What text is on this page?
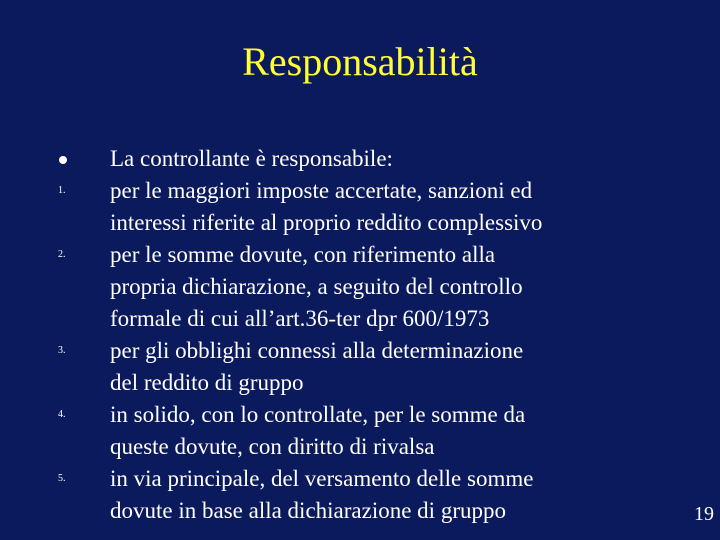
Responsabilità
La controllante è responsabile:
1.	per le maggiori imposte accertate, sanzioni ed
interessi riferite al proprio reddito complessivo
2.	per le somme dovute, con riferimento alla
propria dichiarazione, a seguito del controllo
formale di cui all’art.36-ter dpr 600/1973
3.	per gli obblighi connessi alla determinazione
del reddito di gruppo
4.	in solido, con lo controllate, per le somme da
queste dovute, con diritto di rivalsa
5.	in via principale, del versamento delle somme
dovute in base alla dichiarazione di gruppo	19
